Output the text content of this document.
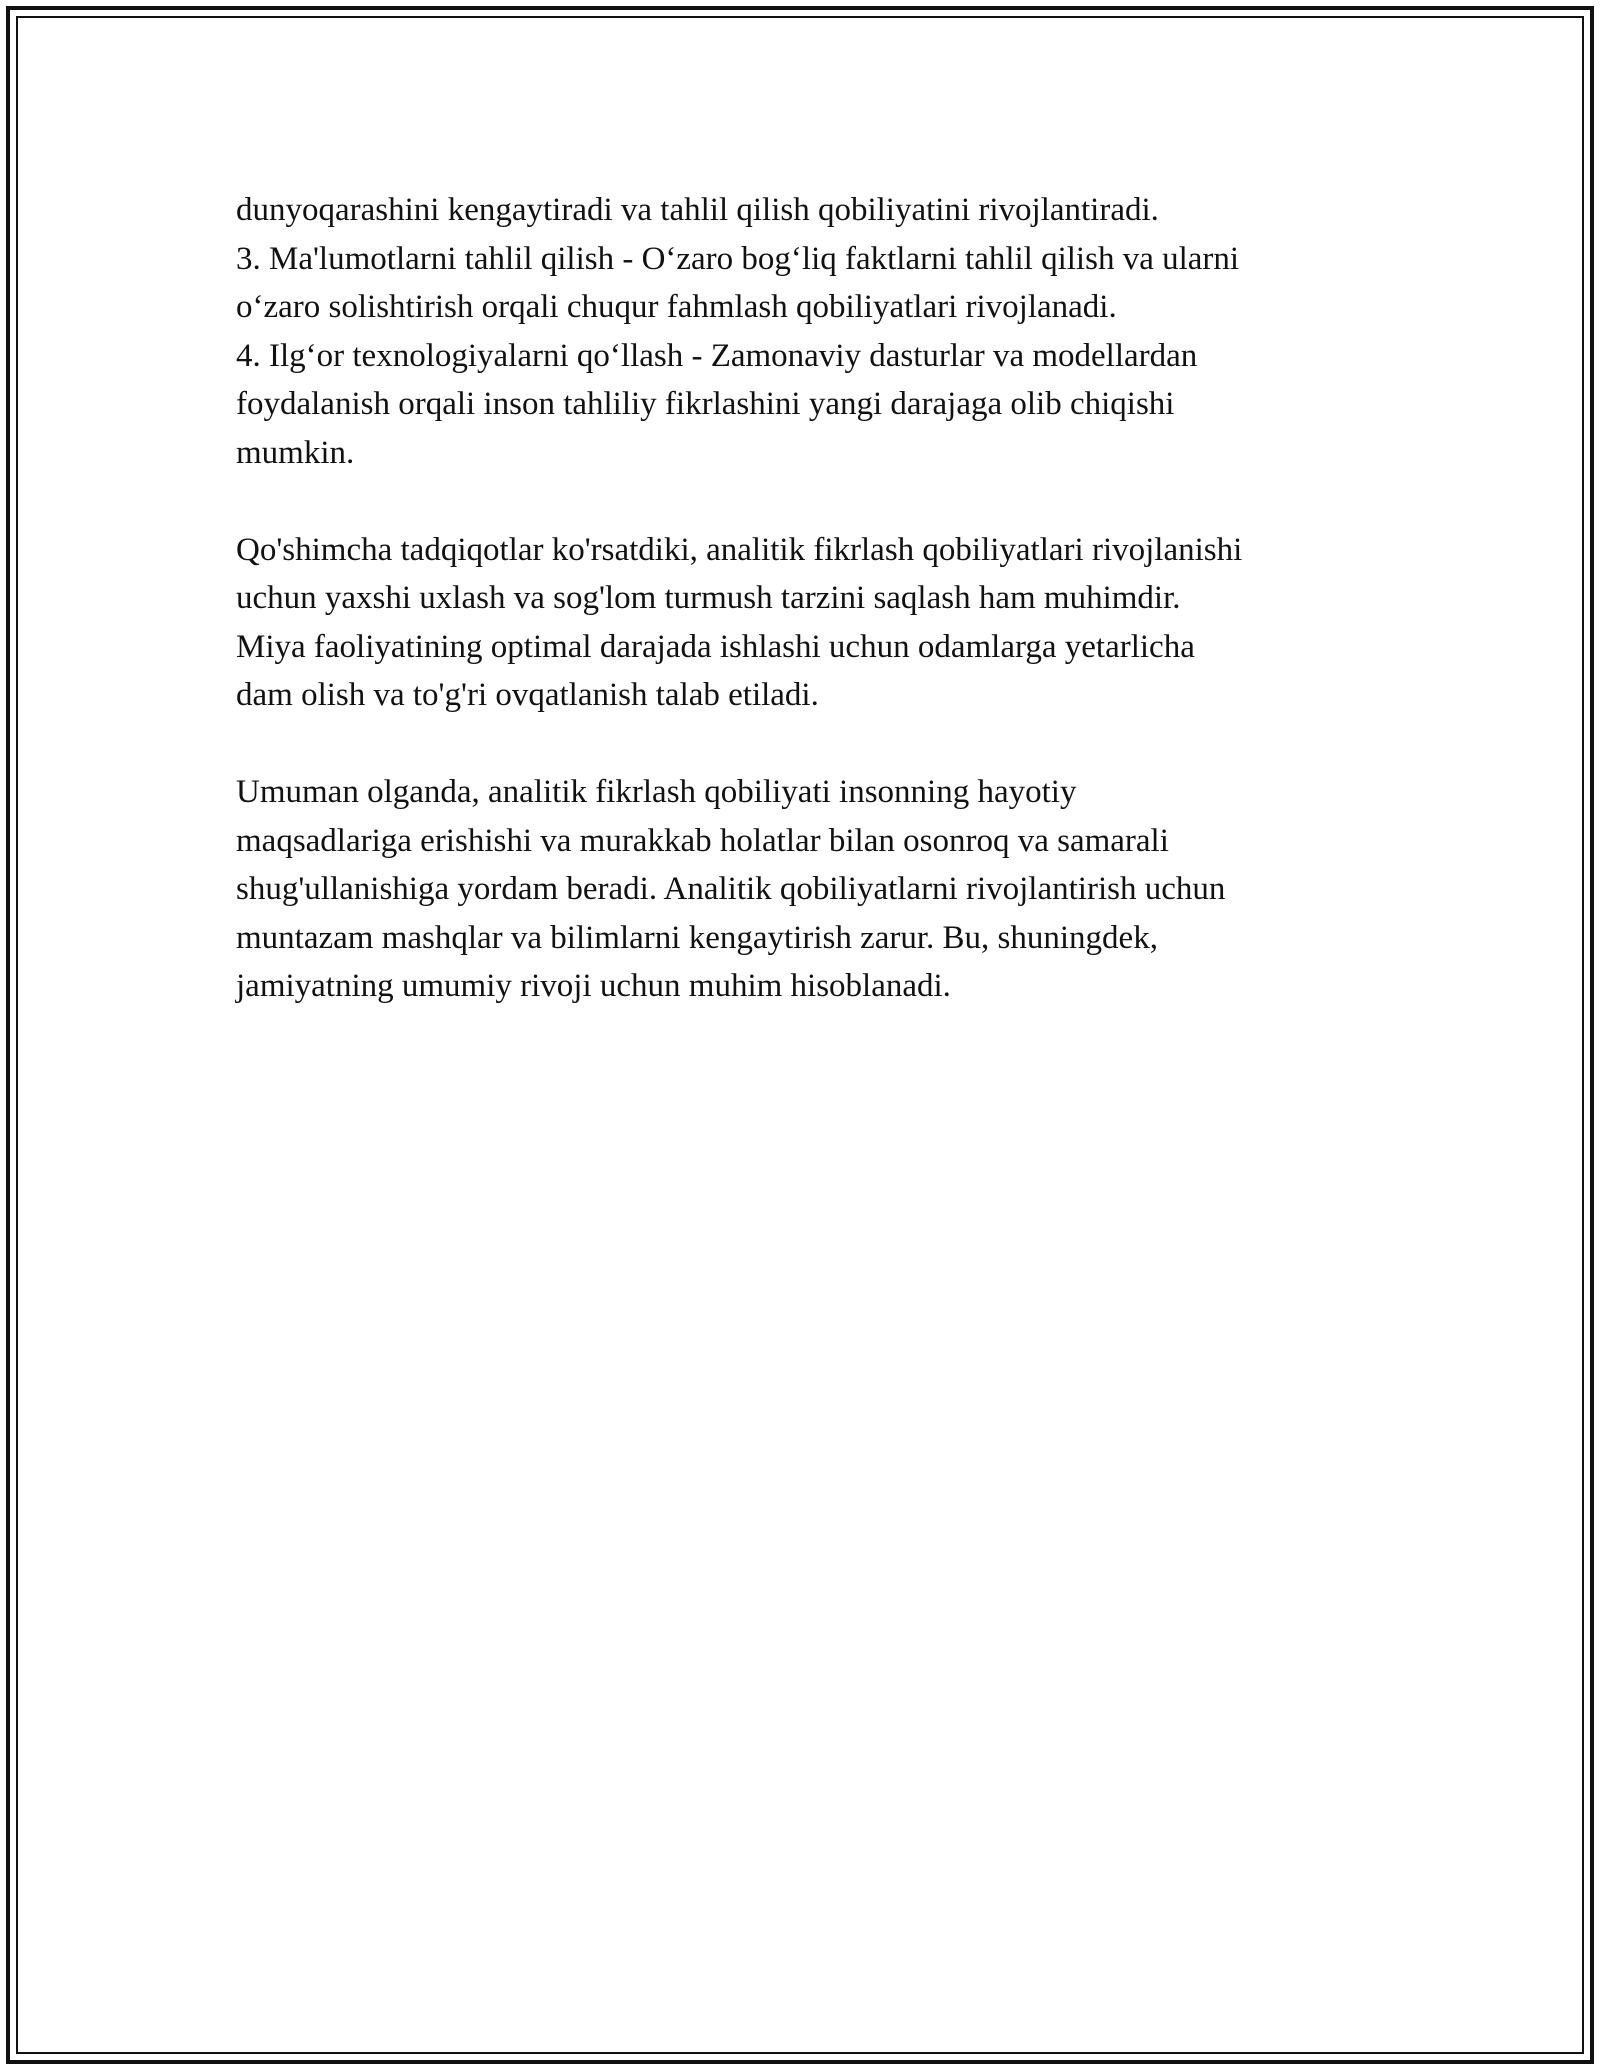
dunyoqarashini kengaytiradi va tahlil qilish qobiliyatini rivojlantiradi.

3. Ma'lumotlarni tahlil qilish - O‘zaro bog‘liq faktlarni tahlil qilish va ularni

o‘zaro solishtirish orqali chuqur fahmlash qobiliyatlari rivojlanadi.

4. Ilg‘or texnologiyalarni qo‘llash - Zamonaviy dasturlar va modellardan

foydalanish orqali inson tahliliy fikrlashini yangi darajaga olib chiqishi

mumkin.

Qo'shimcha tadqiqotlar ko'rsatdiki, analitik fikrlash qobiliyatlari rivojlanishi

uchun yaxshi uxlash va sog'lom turmush tarzini saqlash ham muhimdir.

Miya faoliyatining optimal darajada ishlashi uchun odamlarga yetarlicha

dam olish va to'g'ri ovqatlanish talab etiladi.

Umuman olganda, analitik fikrlash qobiliyati insonning hayotiy

maqsadlariga erishishi va murakkab holatlar bilan osonroq va samarali

shug'ullanishiga yordam beradi. Analitik qobiliyatlarni rivojlantirish uchun

muntazam mashqlar va bilimlarni kengaytirish zarur. Bu, shuningdek,

jamiyatning umumiy rivoji uchun muhim hisoblanadi.
